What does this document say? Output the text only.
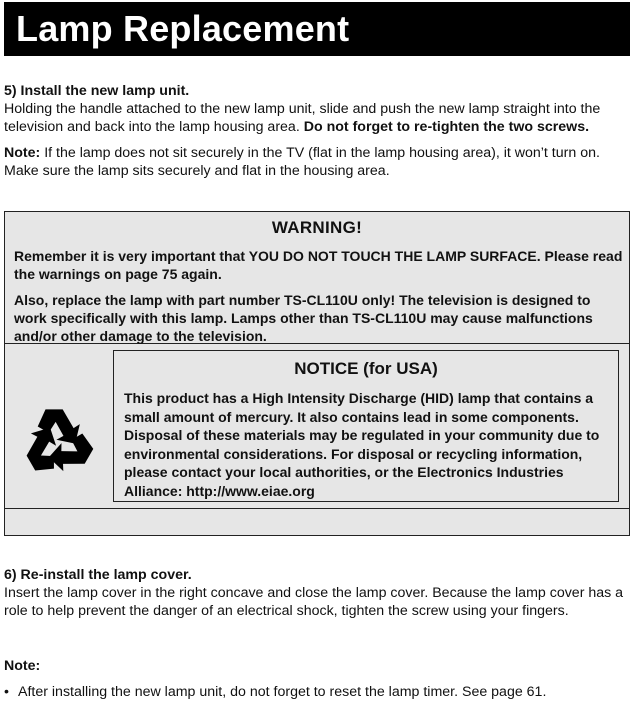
Lamp Replacement
5) Install the new lamp unit.
Holding the handle attached to the new lamp unit, slide and push the new lamp straight into the television and back into the lamp housing area. Do not forget to re-tighten the two screws.
Note: If the lamp does not sit securely in the TV (flat in the lamp housing area), it won’t turn on. Make sure the lamp sits securely and flat in the housing area.
WARNING!
Remember it is very important that YOU DO NOT TOUCH THE LAMP SURFACE. Please read the warnings on page 75 again.
Also, replace the lamp with part number TS-CL110U only! The television is designed to work specifically with this lamp. Lamps other than TS-CL110U may cause malfunctions and/or other damage to the television.
NOTICE (for USA)
This product has a High Intensity Discharge (HID) lamp that contains a small amount of mercury. It also contains lead in some components. Disposal of these materials may be regulated in your community due to environmental considerations. For disposal or recycling information, please contact your local authorities, or the Electronics Industries Alliance: http://www.eiae.org
6) Re-install the lamp cover.
Insert the lamp cover in the right concave and close the lamp cover. Because the lamp cover has a role to help prevent the danger of an electrical shock, tighten the screw using your fingers.
Note:
• After installing the new lamp unit, do not forget to reset the lamp timer. See page 61.
